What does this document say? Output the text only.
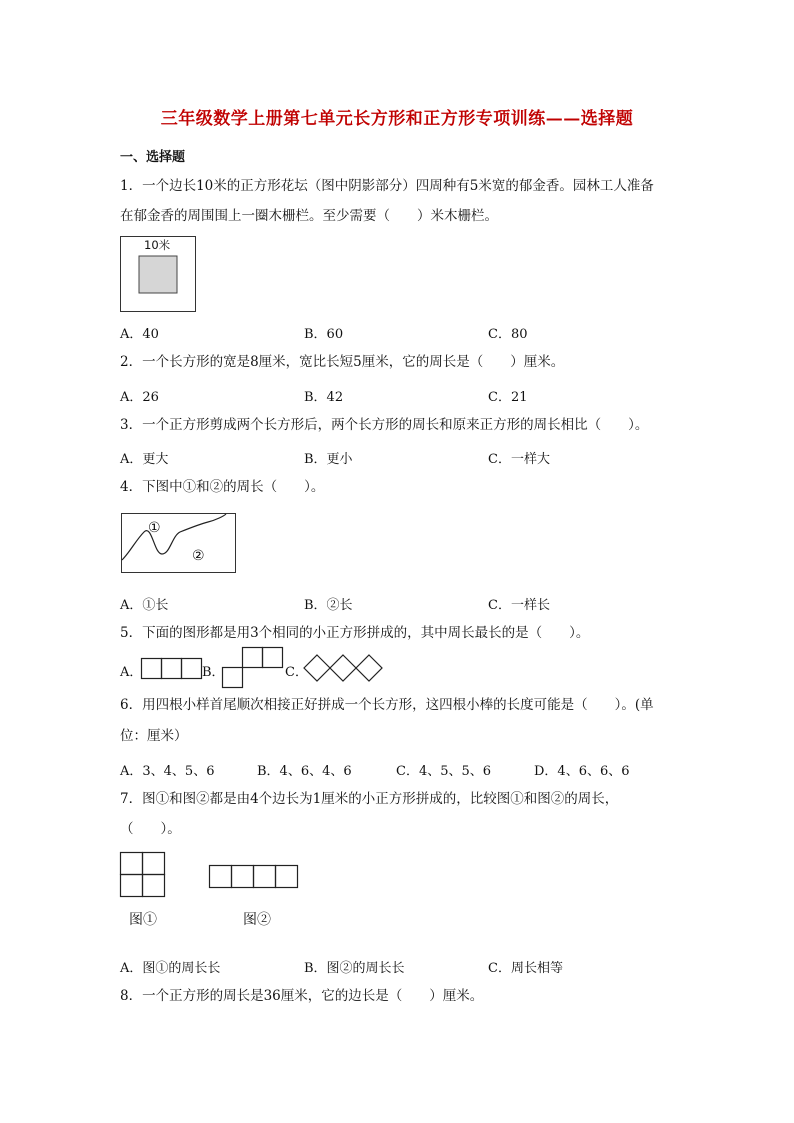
三年级数学上册第七单元长方形和正方形专项训练——选择题
一、选择题
1．一个边长10米的正方形花坛（图中阴影部分）四周种有5米宽的郁金香。园林工人准备
在郁金香的周围围上一圈木栅栏。至少需要（　　）米木栅栏。
10米
A．40	B．60	C．80
2．一个长方形的宽是8厘米，宽比长短5厘米，它的周长是（　　）厘米。
A．26	B．42	C．21
3．一个正方形剪成两个长方形后，两个长方形的周长和原来正方形的周长相比（　　）。
A．更大	B．更小	C．一样大
4．下图中①和②的周长（　　）。
①
②
A．①长	B．②长	C．一样长
5．下面的图形都是用3个相同的小正方形拼成的，其中周长最长的是（　　）。
A．	B．	C．
6．用四根小样首尾顺次相接正好拼成一个长方形，这四根小棒的长度可能是（　　）。(单
位：厘米）
A．3、4、5、6	B．4、6、4、6	C．4、5、5、6	D．4、6、6、6
7．图①和图②都是由4个边长为1厘米的小正方形拼成的，比较图①和图②的周长，
（　　）。
图①	图②
A．图①的周长长	B．图②的周长长	C．周长相等
8．一个正方形的周长是36厘米，它的边长是（　　）厘米。
